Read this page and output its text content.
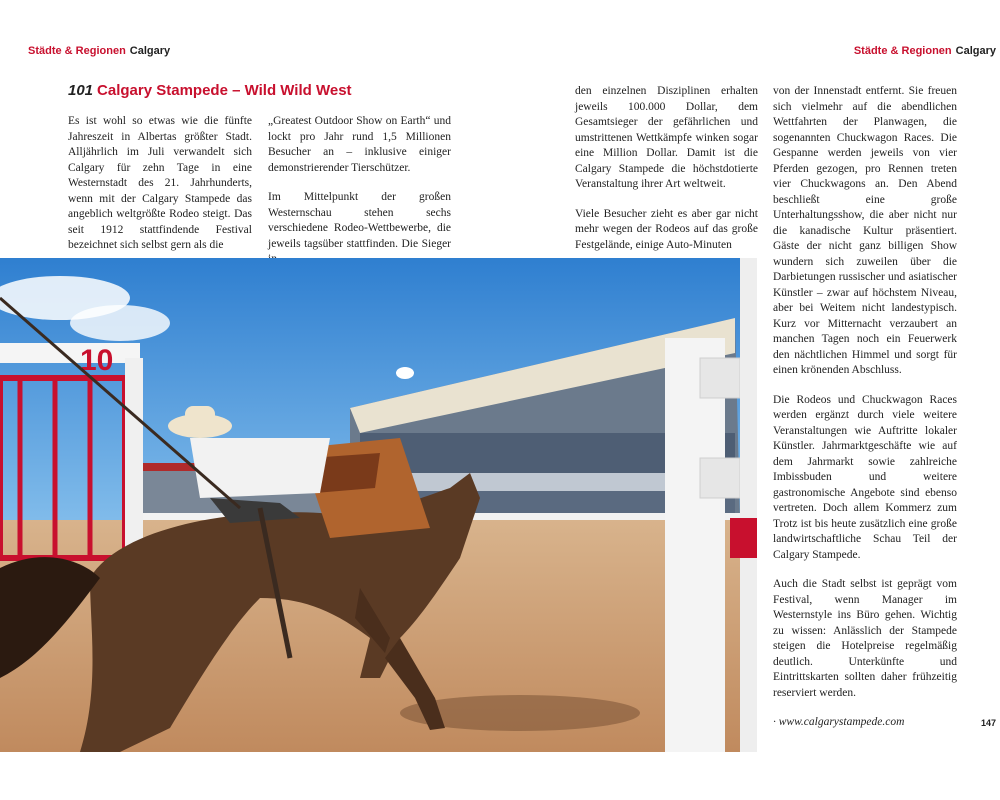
Städte & Regionen Calgary	Städte & Regionen Calgary
101 Calgary Stampede – Wild Wild West

Es ist wohl so etwas wie die fünfte Jahreszeit in Albertas größter Stadt. Alljährlich im Juli verwandelt sich Calgary für zehn Tage in eine Westernstadt des 21. Jahrhunderts, wenn mit der Calgary Stampede das angeblich weltgrößte Rodeo steigt. Das seit 1912 stattfindende Festival bezeichnet sich selbst gern als die

„Greatest Outdoor Show on Earth“ und lockt pro Jahr rund 1,5 Millionen Besucher an – inklusive einiger demonstrierender Tierschützer.

Im Mittelpunkt der großen Westernschau stehen sechs verschiedene Rodeo-Wettbewerbe, die jeweils tagsüber stattfinden. Die Sieger

den einzelnen Disziplinen erhalten jeweils 100.000 Dollar, dem Gesamtsieger der gefährlichen und umstrittenen Wettkämpfe winken sogar eine Million Dollar. Damit ist die Calgary Stampede die höchstdotierte Veranstaltung ihrer Art weltweit.

Viele Besucher zieht es aber gar nicht mehr wegen der Rodeos auf das große Festgelände, einige Auto-Minuten

von der Innenstadt entfernt. Sie freuen sich vielmehr auf die abendlichen Wettfahrten der Planwagen, die sogenannten Chuckwagon Races. Die Gespanne werden jeweils von vier Pferden gezogen, pro Rennen treten vier Chuckwagons an. Den Abend beschließt eine große Unterhaltungsshow, die aber nicht nur die kanadische Kultur präsentiert. Gäste der nicht ganz billigen Show wundern sich zuweilen über die Darbietungen russischer und asiatischer Künstler – zwar auf höchstem Niveau, aber bei Weitem nicht landestypisch. Kurz vor Mitternacht verzaubert an manchen Tagen noch ein Feuerwerk den nächtlichen Himmel und sorgt für einen krönenden Abschluss.

Die Rodeos und Chuckwagon Races werden ergänzt durch viele weitere Veranstaltungen wie Auftritte lokaler Künstler. Jahrmarktgeschäfte wie auf dem Jahrmarkt sowie zahlreiche Imbissbuden und weitere gastronomische Angebote sind ebenso vertreten. Doch allem Kommerz zum Trotz ist bis heute zusätzlich eine große landwirtschaftliche Schau Teil der Calgary Stampede.

Auch die Stadt selbst ist geprägt vom Festival, wenn Manager im Westernstyle ins Büro gehen. Wichtig zu wissen: Anlässlich der Stampede steigen die Hotelpreise regelmäßig deutlich. Unterkünfte und Eintrittskarten sollten daher frühzeitig reserviert werden.

· www.calgarystampede.com	147
10
